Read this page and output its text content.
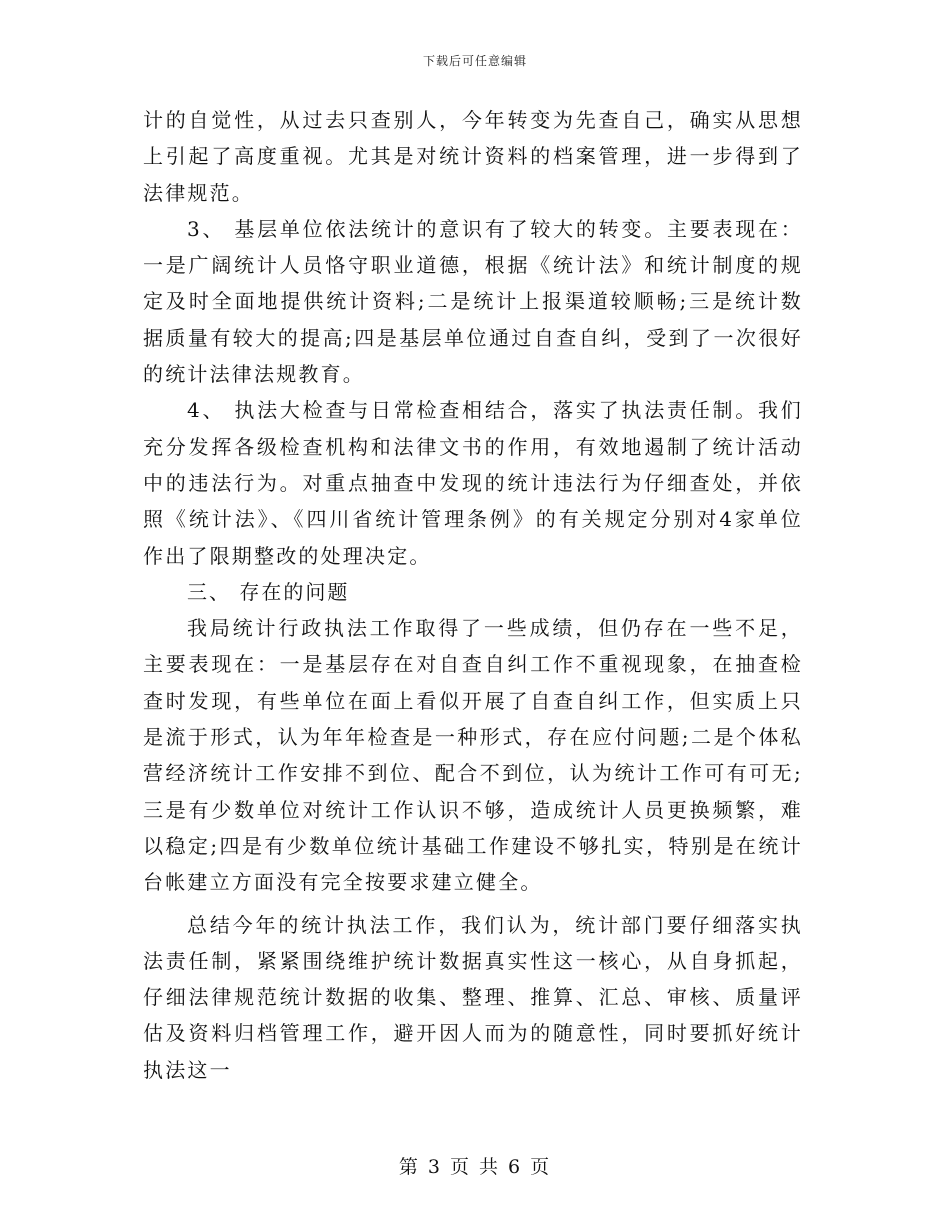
下载后可任意编辑

计的自觉性，从过去只查别人，今年转变为先查自己，确实从思想上引起了高度重视。尤其是对统计资料的档案管理，进一步得到了法律规范。

3、 基层单位依法统计的意识有了较大的转变。主要表现在：一是广阔统计人员恪守职业道德，根据《统计法》和统计制度的规定及时全面地提供统计资料;二是统计上报渠道较顺畅;三是统计数据质量有较大的提高;四是基层单位通过自查自纠，受到了一次很好的统计法律法规教育。

4、 执法大检查与日常检查相结合，落实了执法责任制。我们充分发挥各级检查机构和法律文书的作用，有效地遏制了统计活动中的违法行为。对重点抽查中发现的统计违法行为仔细查处，并依照《统计法》、《四川省统计管理条例》的有关规定分别对4家单位作出了限期整改的处理决定。

三、 存在的问题

我局统计行政执法工作取得了一些成绩，但仍存在一些不足，主要表现在：一是基层存在对自查自纠工作不重视现象，在抽查检查时发现，有些单位在面上看似开展了自查自纠工作，但实质上只是流于形式，认为年年检查是一种形式，存在应付问题;二是个体私营经济统计工作安排不到位、配合不到位，认为统计工作可有可无;三是有少数单位对统计工作认识不够，造成统计人员更换频繁，难以稳定;四是有少数单位统计基础工作建设不够扎实，特别是在统计台帐建立方面没有完全按要求建立健全。

总结今年的统计执法工作，我们认为，统计部门要仔细落实执法责任制，紧紧围绕维护统计数据真实性这一核心，从自身抓起，仔细法律规范统计数据的收集、整理、推算、汇总、审核、质量评估及资料归档管理工作，避开因人而为的随意性，同时要抓好统计执法这一

第 3 页 共 6 页
